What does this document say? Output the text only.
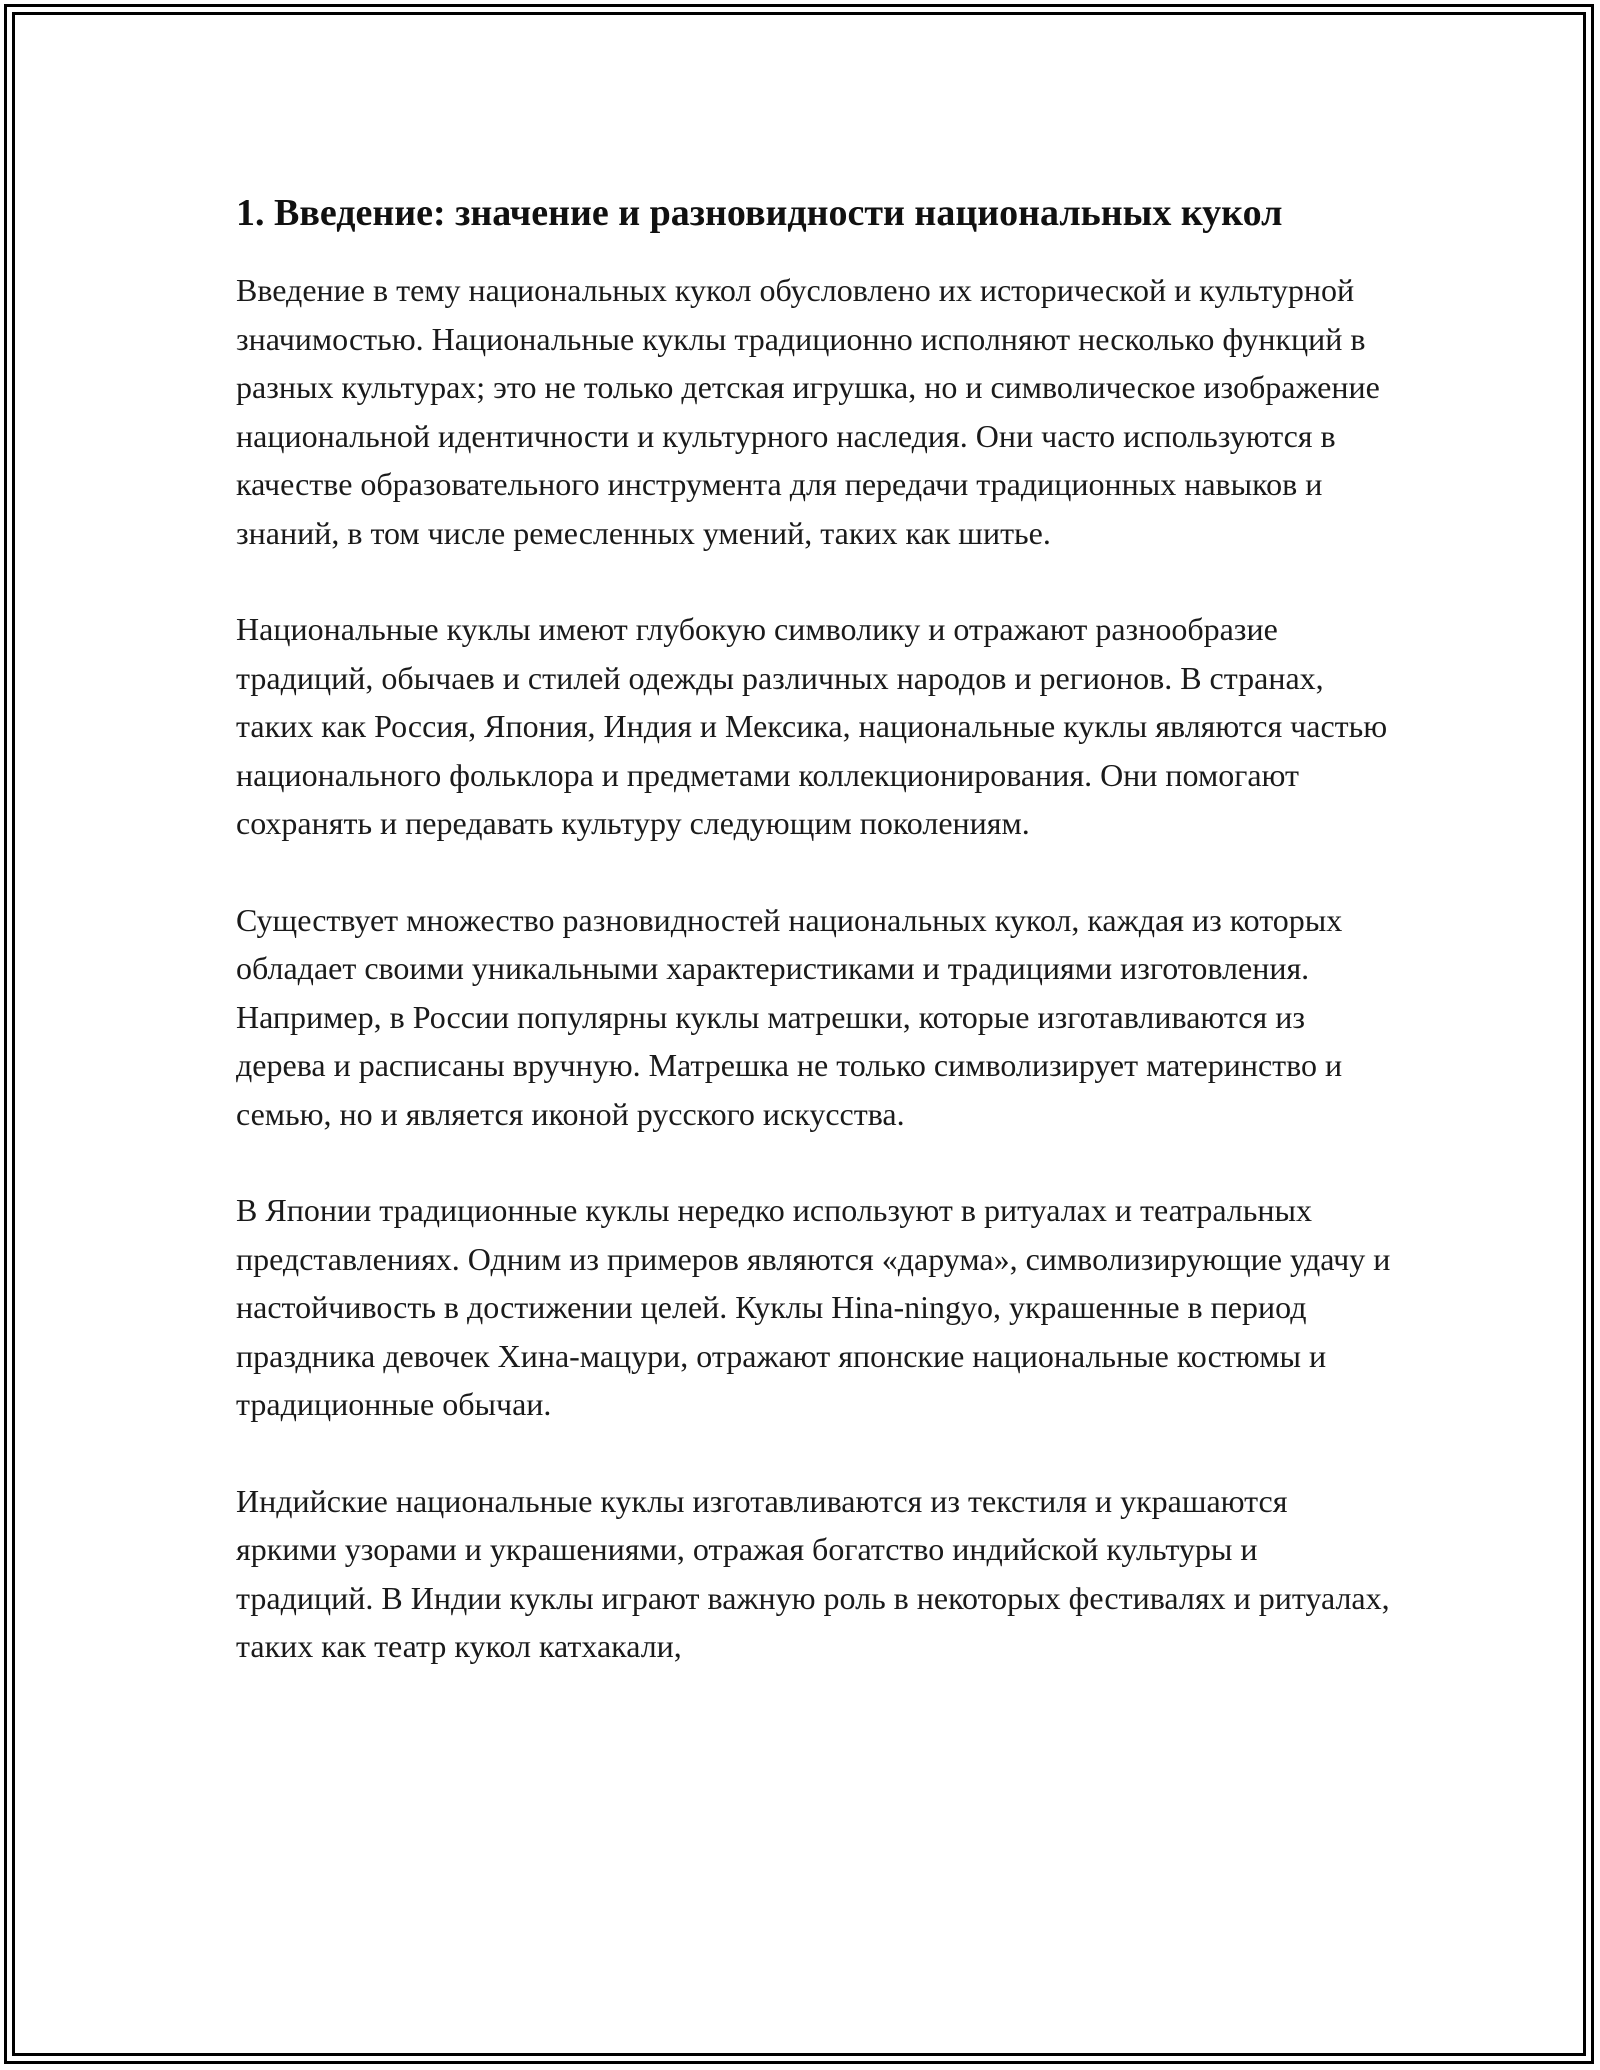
1. Введение: значение и разновидности национальных кукол

Введение в тему национальных кукол обусловлено их исторической и культурной значимостью. Национальные куклы традиционно исполняют несколько функций в разных культурах; это не только детская игрушка, но и символическое изображение национальной идентичности и культурного наследия. Они часто используются в качестве образовательного инструмента для передачи традиционных навыков и знаний, в том числе ремесленных умений, таких как шитье.

Национальные куклы имеют глубокую символику и отражают разнообразие традиций, обычаев и стилей одежды различных народов и регионов. В странах, таких как Россия, Япония, Индия и Мексика, национальные куклы являются частью национального фольклора и предметами коллекционирования. Они помогают сохранять и передавать культуру следующим поколениям.

Существует множество разновидностей национальных кукол, каждая из которых обладает своими уникальными характеристиками и традициями изготовления. Например, в России популярны куклы матрешки, которые изготавливаются из дерева и расписаны вручную. Матрешка не только символизирует материнство и семью, но и является иконой русского искусства.

В Японии традиционные куклы нередко используют в ритуалах и театральных представлениях. Одним из примеров являются «дарума», символизирующие удачу и настойчивость в достижении целей. Куклы Hina-ningyo, украшенные в период праздника девочек Хина-мацури, отражают японские национальные костюмы и традиционные обычаи.

Индийские национальные куклы изготавливаются из текстиля и украшаются яркими узорами и украшениями, отражая богатство индийской культуры и традиций. В Индии куклы играют важную роль в некоторых фестивалях и ритуалах, таких как театр кукол катхакали,
